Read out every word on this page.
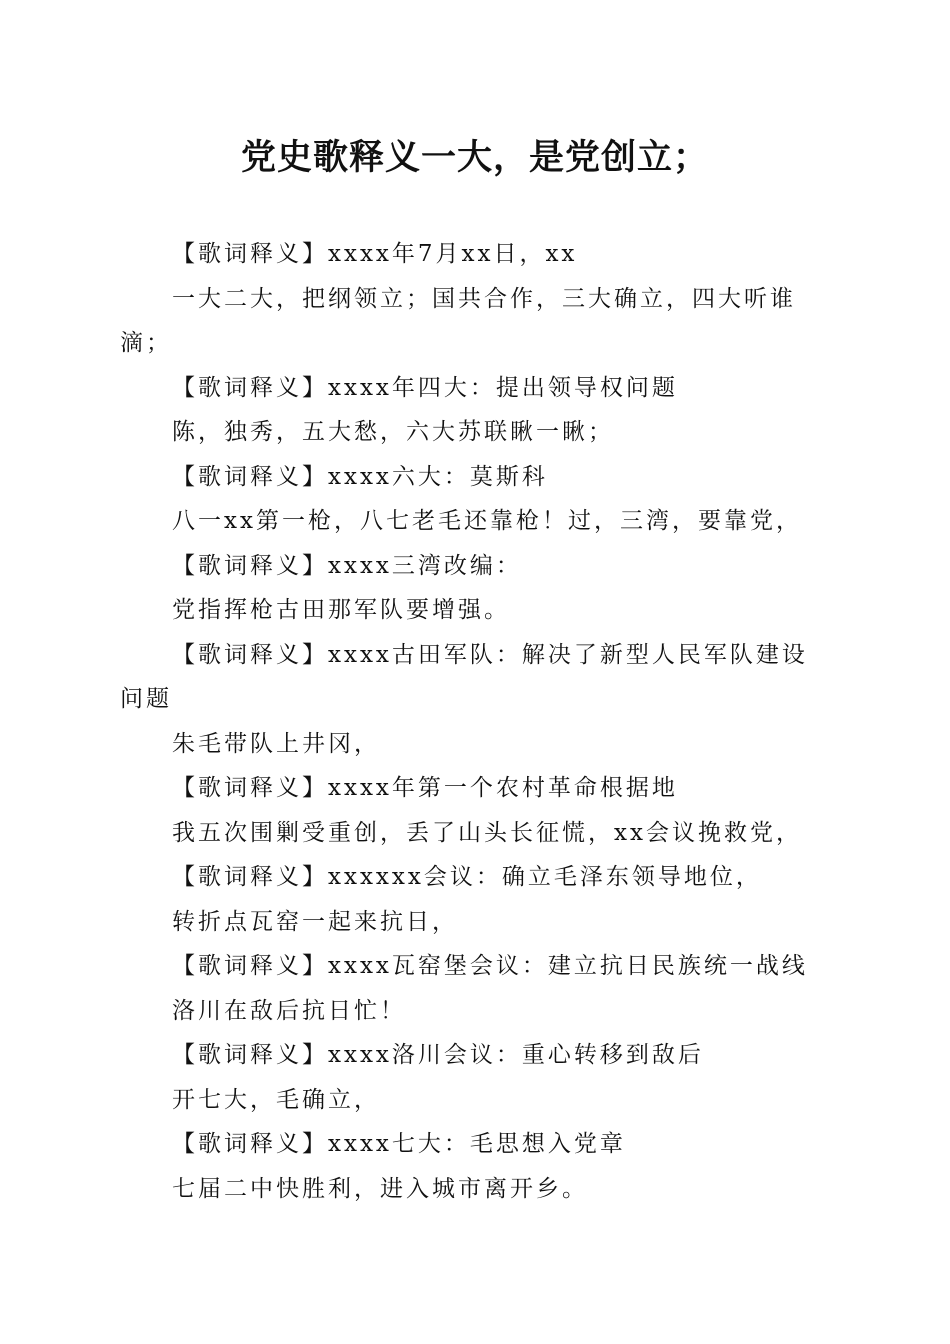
党史歌释义一大，是党创立；

【歌词释义】xxxx年7月xx日，xx

一大二大，把纲领立；国共合作，三大确立，四大听谁滴；

【歌词释义】xxxx年四大：提出领导权问题

陈，独秀，五大愁，六大苏联瞅一瞅；

【歌词释义】xxxx六大：莫斯科

八一xx第一枪，八七老毛还靠枪！过，三湾，要靠党，

【歌词释义】xxxx三湾改编：

党指挥枪古田那军队要增强。

【歌词释义】xxxx古田军队：解决了新型人民军队建设问题

朱毛带队上井冈，

【歌词释义】xxxx年第一个农村革命根据地

我五次围剿受重创，丢了山头长征慌，xx会议挽救党，

【歌词释义】xxxxxx会议：确立毛泽东领导地位，

转折点瓦窑一起来抗日，

【歌词释义】xxxx瓦窑堡会议：建立抗日民族统一战线

洛川在敌后抗日忙！

【歌词释义】xxxx洛川会议：重心转移到敌后

开七大，毛确立，

【歌词释义】xxxx七大：毛思想入党章

七届二中快胜利，进入城市离开乡。
